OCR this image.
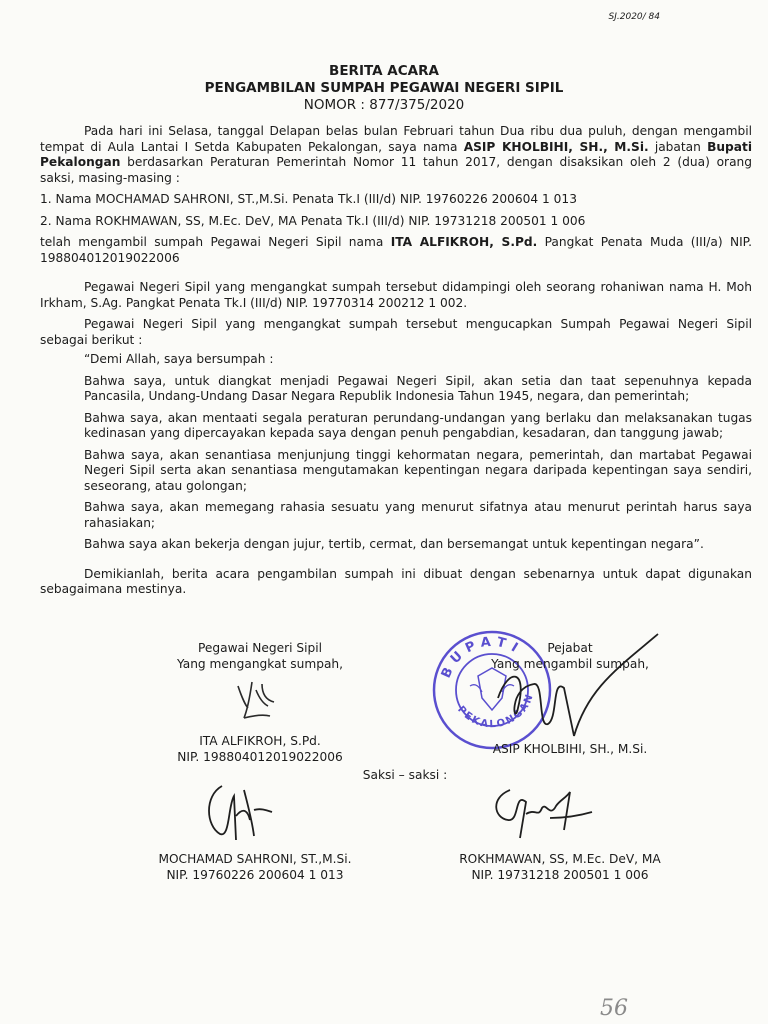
SJ.2020/ 84
BERITA ACARA
PENGAMBILAN SUMPAH PEGAWAI NEGERI SIPIL
NOMOR : 877/375/2020

Pada hari ini Selasa, tanggal Delapan belas bulan Februari tahun Dua ribu dua puluh, dengan mengambil tempat di Aula Lantai I Setda Kabupaten Pekalongan, saya nama ASIP KHOLBIHI, SH., M.Si. jabatan Bupati Pekalongan berdasarkan Peraturan Pemerintah Nomor 11 tahun 2017, dengan disaksikan oleh 2 (dua) orang saksi, masing-masing :

1. Nama MOCHAMAD SAHRONI, ST.,M.Si. Penata Tk.I (III/d) NIP. 19760226 200604 1 013

2. Nama ROKHMAWAN, SS, M.Ec. DeV, MA Penata Tk.I (III/d) NIP. 19731218 200501 1 006

telah mengambil sumpah Pegawai Negeri Sipil nama ITA ALFIKROH, S.Pd. Pangkat Penata Muda (III/a) NIP. 198804012019022006

Pegawai Negeri Sipil yang mengangkat sumpah tersebut didampingi oleh seorang rohaniwan nama H. Moh Irkham, S.Ag. Pangkat Penata Tk.I (III/d) NIP. 19770314 200212 1 002.

Pegawai Negeri Sipil yang mengangkat sumpah tersebut mengucapkan Sumpah Pegawai Negeri Sipil sebagai berikut :

“Demi Allah, saya bersumpah :

Bahwa saya, untuk diangkat menjadi Pegawai Negeri Sipil, akan setia dan taat sepenuhnya kepada Pancasila, Undang-Undang Dasar Negara Republik Indonesia Tahun 1945, negara, dan pemerintah;

Bahwa saya, akan mentaati segala peraturan perundang-undangan yang berlaku dan melaksanakan tugas kedinasan yang dipercayakan kepada saya dengan penuh pengabdian, kesadaran, dan tanggung jawab;

Bahwa saya, akan senantiasa menjunjung tinggi kehormatan negara, pemerintah, dan martabat Pegawai Negeri Sipil serta akan senantiasa mengutamakan kepentingan negara daripada kepentingan saya sendiri, seseorang, atau golongan;

Bahwa saya, akan memegang rahasia sesuatu yang menurut sifatnya atau menurut perintah harus saya rahasiakan;

Bahwa saya akan bekerja dengan jujur, tertib, cermat, dan bersemangat untuk kepentingan negara”.

Demikianlah, berita acara pengambilan sumpah ini dibuat dengan sebenarnya untuk dapat digunakan sebagaimana mestinya.

Pegawai Negeri Sipil
Yang mengangkat sumpah,
ITA ALFIKROH, S.Pd.
NIP. 198804012019022006
BUPATI
PEKALONGAN
Pejabat
Yang mengambil sumpah,
ASIP KHOLBIHI, SH., M.Si.
Saksi – saksi :
MOCHAMAD SAHRONI, ST.,M.Si.
NIP. 19760226 200604 1 013
ROKHMAWAN, SS, M.Ec. DeV, MA
NIP. 19731218 200501 1 006
56
